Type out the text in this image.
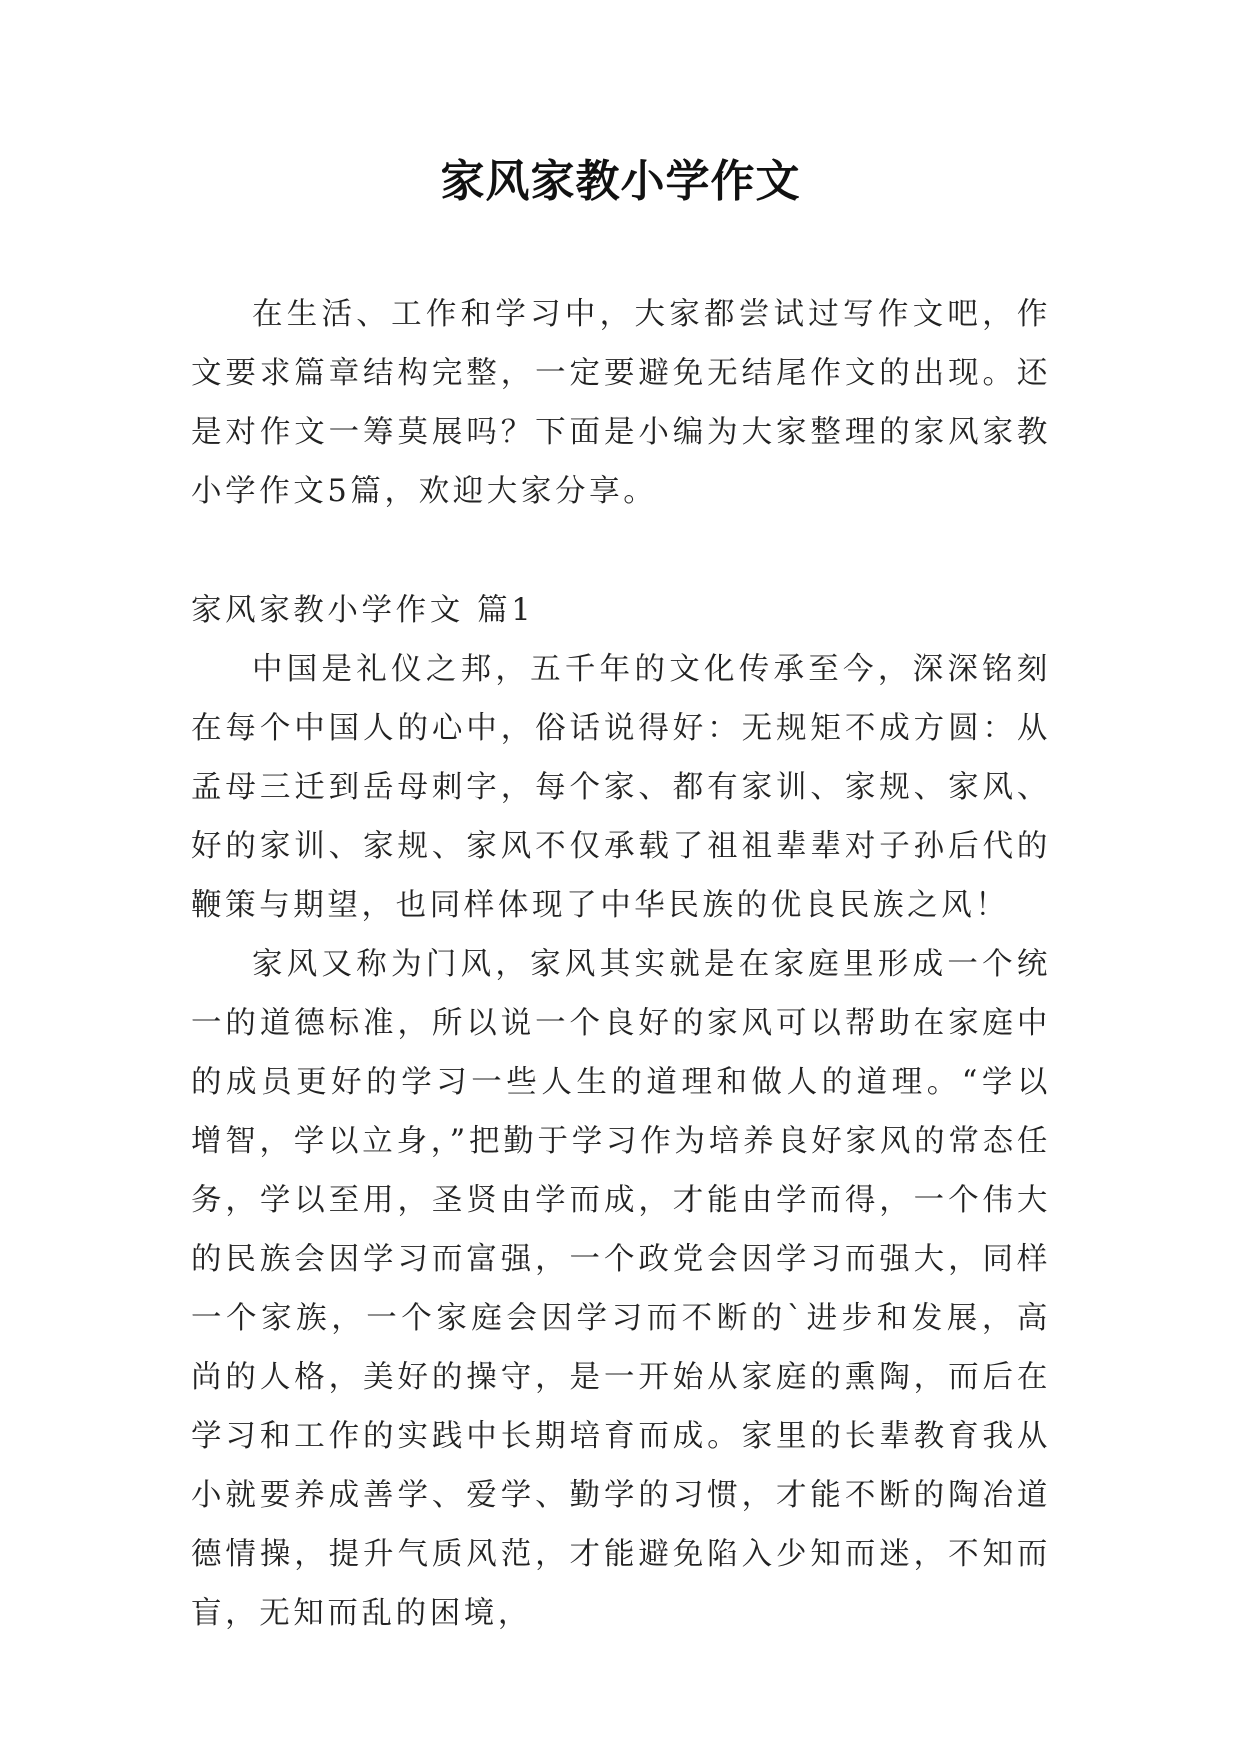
家风家教小学作文

在生活、工作和学习中，大家都尝试过写作文吧，作文要求篇章结构完整，一定要避免无结尾作文的出现。还是对作文一筹莫展吗？下面是小编为大家整理的家风家教小学作文5篇，欢迎大家分享。

家风家教小学作文 篇1

中国是礼仪之邦，五千年的文化传承至今，深深铭刻在每个中国人的心中，俗话说得好：无规矩不成方圆：从孟母三迁到岳母刺字，每个家、都有家训、家规、家风、好的家训、家规、家风不仅承载了祖祖辈辈对子孙后代的鞭策与期望，也同样体现了中华民族的优良民族之风！

家风又称为门风，家风其实就是在家庭里形成一个统一的道德标准，所以说一个良好的家风可以帮助在家庭中的成员更好的学习一些人生的道理和做人的道理。“学以增智，学以立身，”把勤于学习作为培养良好家风的常态任务，学以至用，圣贤由学而成，才能由学而得，一个伟大的民族会因学习而富强，一个政党会因学习而强大，同样一个家族，一个家庭会因学习而不断的`进步和发展，高尚的人格，美好的操守，是一开始从家庭的熏陶，而后在学习和工作的实践中长期培育而成。家里的长辈教育我从小就要养成善学、爱学、勤学的习惯，才能不断的陶冶道德情操，提升气质风范，才能避免陷入少知而迷，不知而盲，无知而乱的困境，
